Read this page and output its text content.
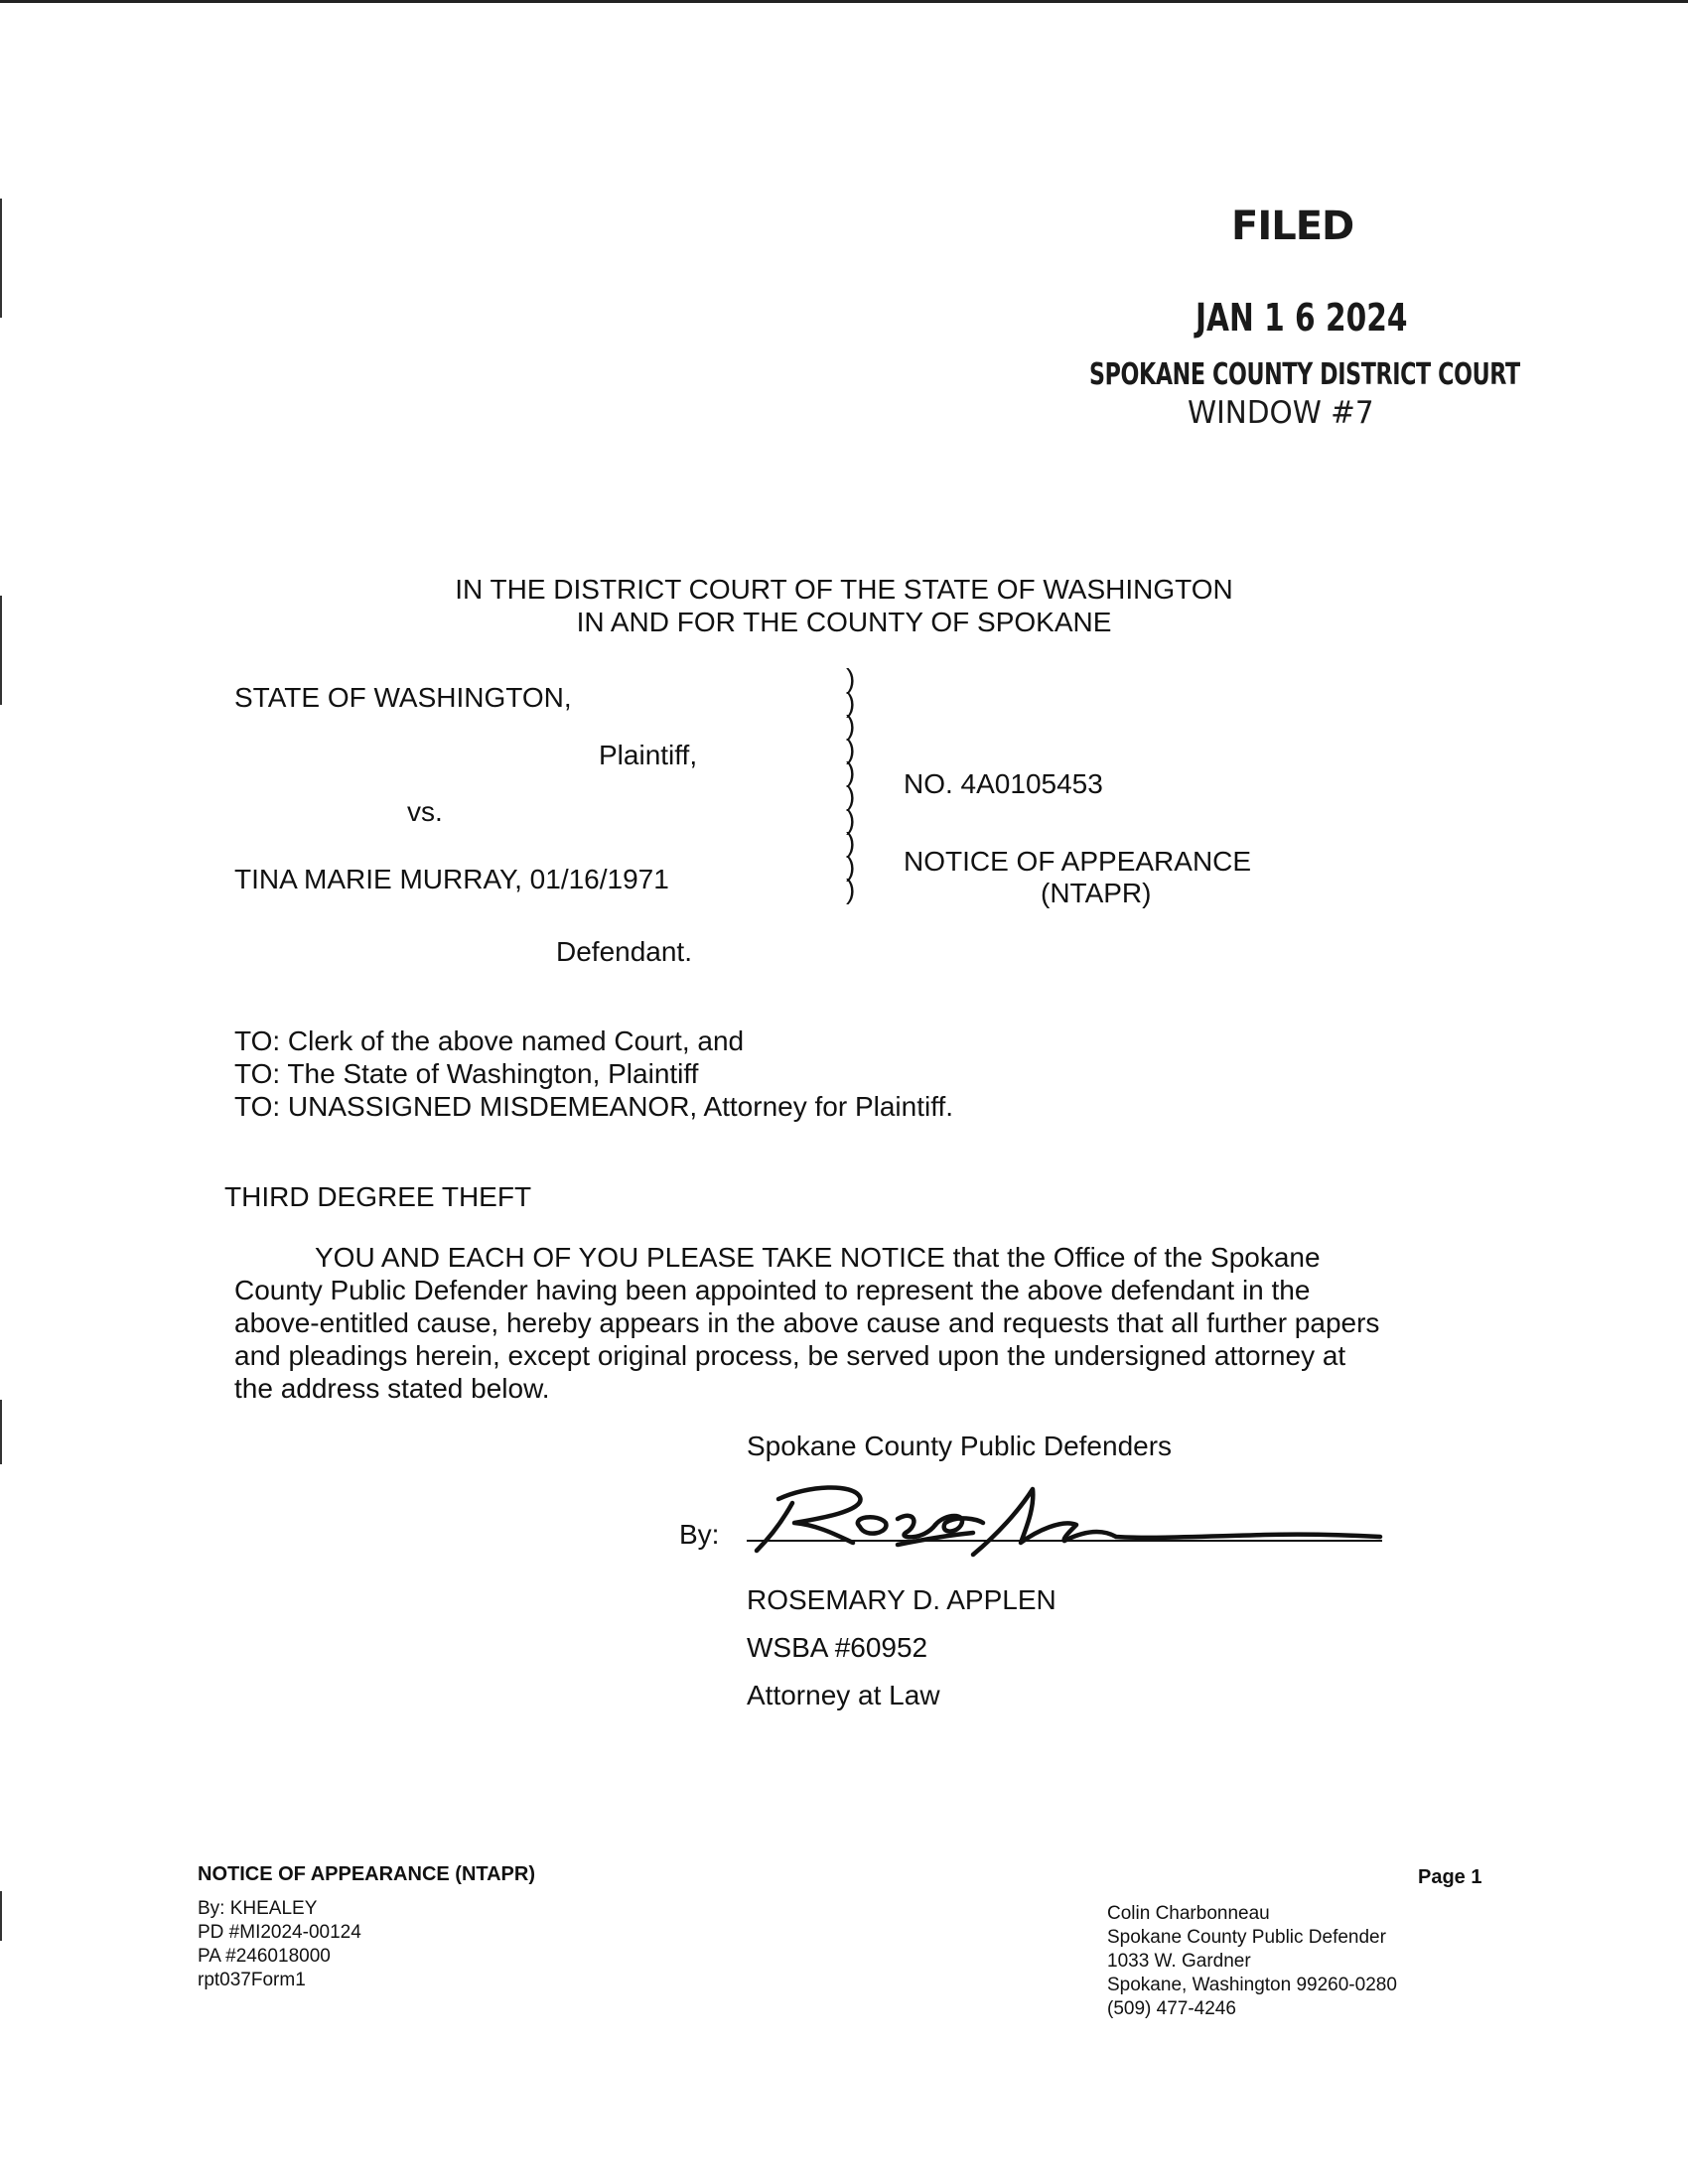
FILED
JAN 1 6 2024
SPOKANE COUNTY DISTRICT COURT
WINDOW #7
IN THE DISTRICT COURT OF THE STATE OF WASHINGTON
IN AND FOR THE COUNTY OF SPOKANE
STATE OF WASHINGTON,
Plaintiff,
vs.
TINA MARIE MURRAY, 01/16/1971
Defendant.
)
)
)
)
)
)
)
)
)
)
NO. 4A0105453
NOTICE OF APPEARANCE
(NTAPR)
TO: Clerk of the above named Court, and
TO: The State of Washington, Plaintiff
TO: UNASSIGNED MISDEMEANOR, Attorney for Plaintiff.
THIRD DEGREE THEFT
YOU AND EACH OF YOU PLEASE TAKE NOTICE that the Office of the Spokane
County Public Defender having been appointed to represent the above defendant in the
above-entitled cause, hereby appears in the above cause and requests that all further papers
and pleadings herein, except original process, be served upon the undersigned attorney at
the address stated below.
Spokane County Public Defenders
By:
ROSEMARY D. APPLEN
WSBA #60952
Attorney at Law
NOTICE OF APPEARANCE (NTAPR)	Page 1
By: KHEALEY
PD #MI2024-00124
PA #246018000
rpt037Form1
Colin Charbonneau
Spokane County Public Defender
1033 W. Gardner
Spokane, Washington 99260-0280
(509) 477-4246
